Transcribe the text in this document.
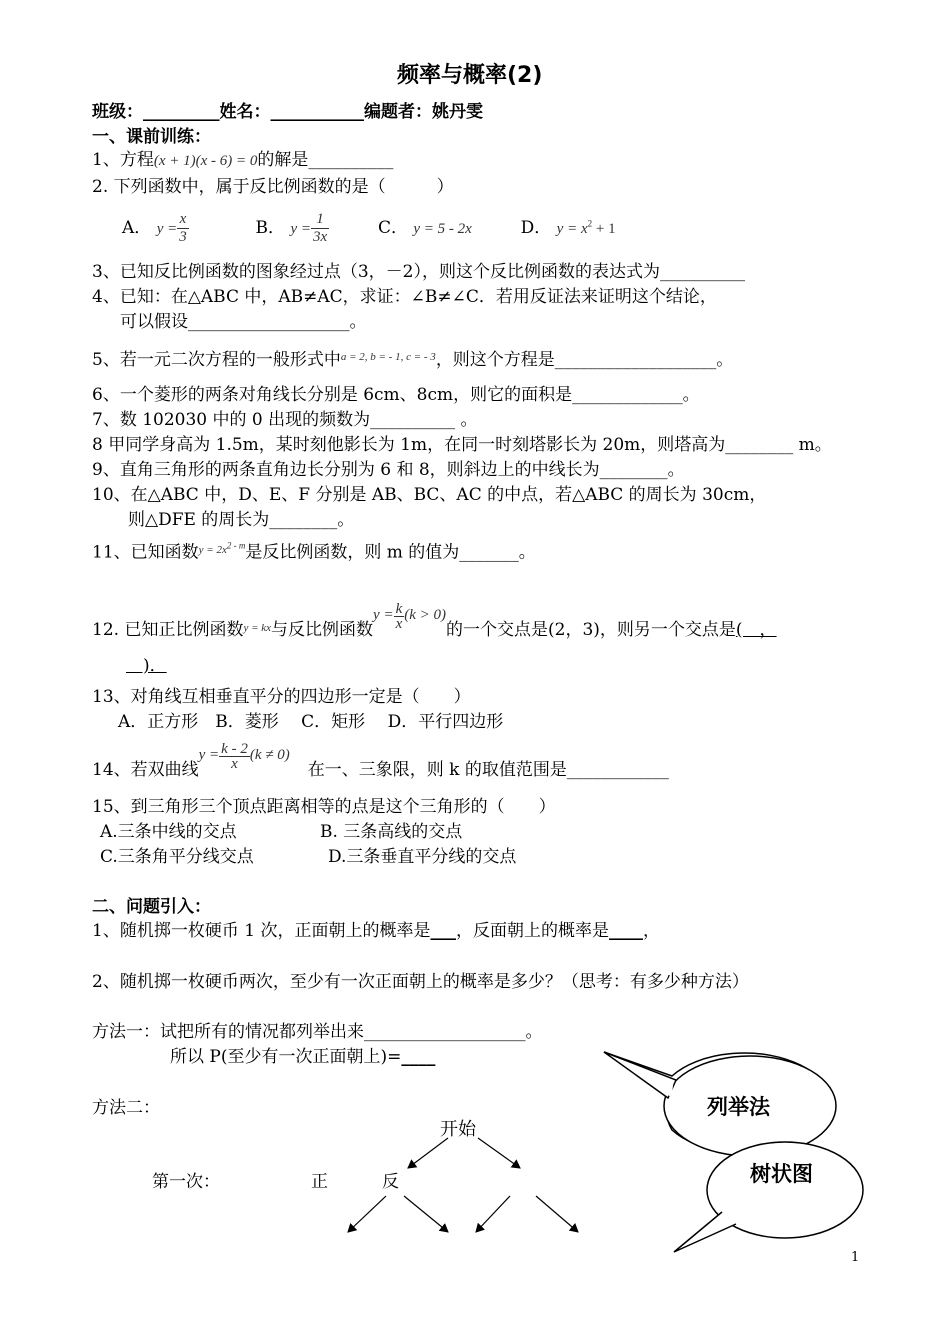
频率与概率(2)
班级：_________姓名：___________编题者：姚丹雯
一、课前训练：
1、方程(x + 1)(x - 6) = 0的解是__________
2. 下列函数中，属于反比例函数的是（　　　）
A． $y = \frac{x}{3}$	B． $y = \frac{1}{3x}$	C． y = 5 - 2x	D． $y = x^2 + 1$
3、已知反比例函数的图象经过点（3，－2），则这个反比例函数的表达式为__________
4、已知：在△ABC 中，AB≠AC，求证：∠B≠∠C．若用反证法来证明这个结论，
可以假设___________________。
5、若一元二次方程的一般形式中$^{a = 2, b = - 1, c = - 3}$，则这个方程是___________________。
6、一个菱形的两条对角线长分别是 6cm、8cm，则它的面积是_____________。
7、数 102030 中的 0 出现的频数为__________ 。
8 甲同学身高为 1.5m，某时刻他影长为 1m，在同一时刻塔影长为 20m，则塔高为________ m。
9、直角三角形的两条直角边长分别为 6 和 8，则斜边上的中线长为________。
10、在△ABC 中，D、E、F 分别是 AB、BC、AC 的中点，若△ABC 的周长为 30cm，
则△DFE 的周长为________。
11、已知函数$^{y = 2x^{2 - m}}$是反比例函数，则 m 的值为_______。
12. 已知正比例函数$^{y = kx}$与反比例函数$^{y = \frac{k}{x} (k > 0)}$的一个交点是(2，3)，则另一个交点是(　，
　)．
13、对角线互相垂直平分的四边形一定是（　　）
A．正方形　B．菱形　 C．矩形　 D．平行四边形
14、若双曲线$^{y = \frac{k - 2}{x} (k \ne 0)}$在一、三象限，则 k 的取值范围是____________
15、到三角形三个顶点距离相等的点是这个三角形的（　　）
A.三条中线的交点	B. 三条高线的交点
C.三条角平分线交点	D.三条垂直平分线的交点
二、问题引入：
1、随机掷一枚硬币 1 次，正面朝上的概率是___，反面朝上的概率是____，
2、随机掷一枚硬币两次，至少有一次正面朝上的概率是多少？（思考：有多少种方法）
方法一：试把所有的情况都列举出来___________________。
所以 P(至少有一次正面朝上)=____
方法二：
开始
第一次：	正	反
列举法
树状图
1
